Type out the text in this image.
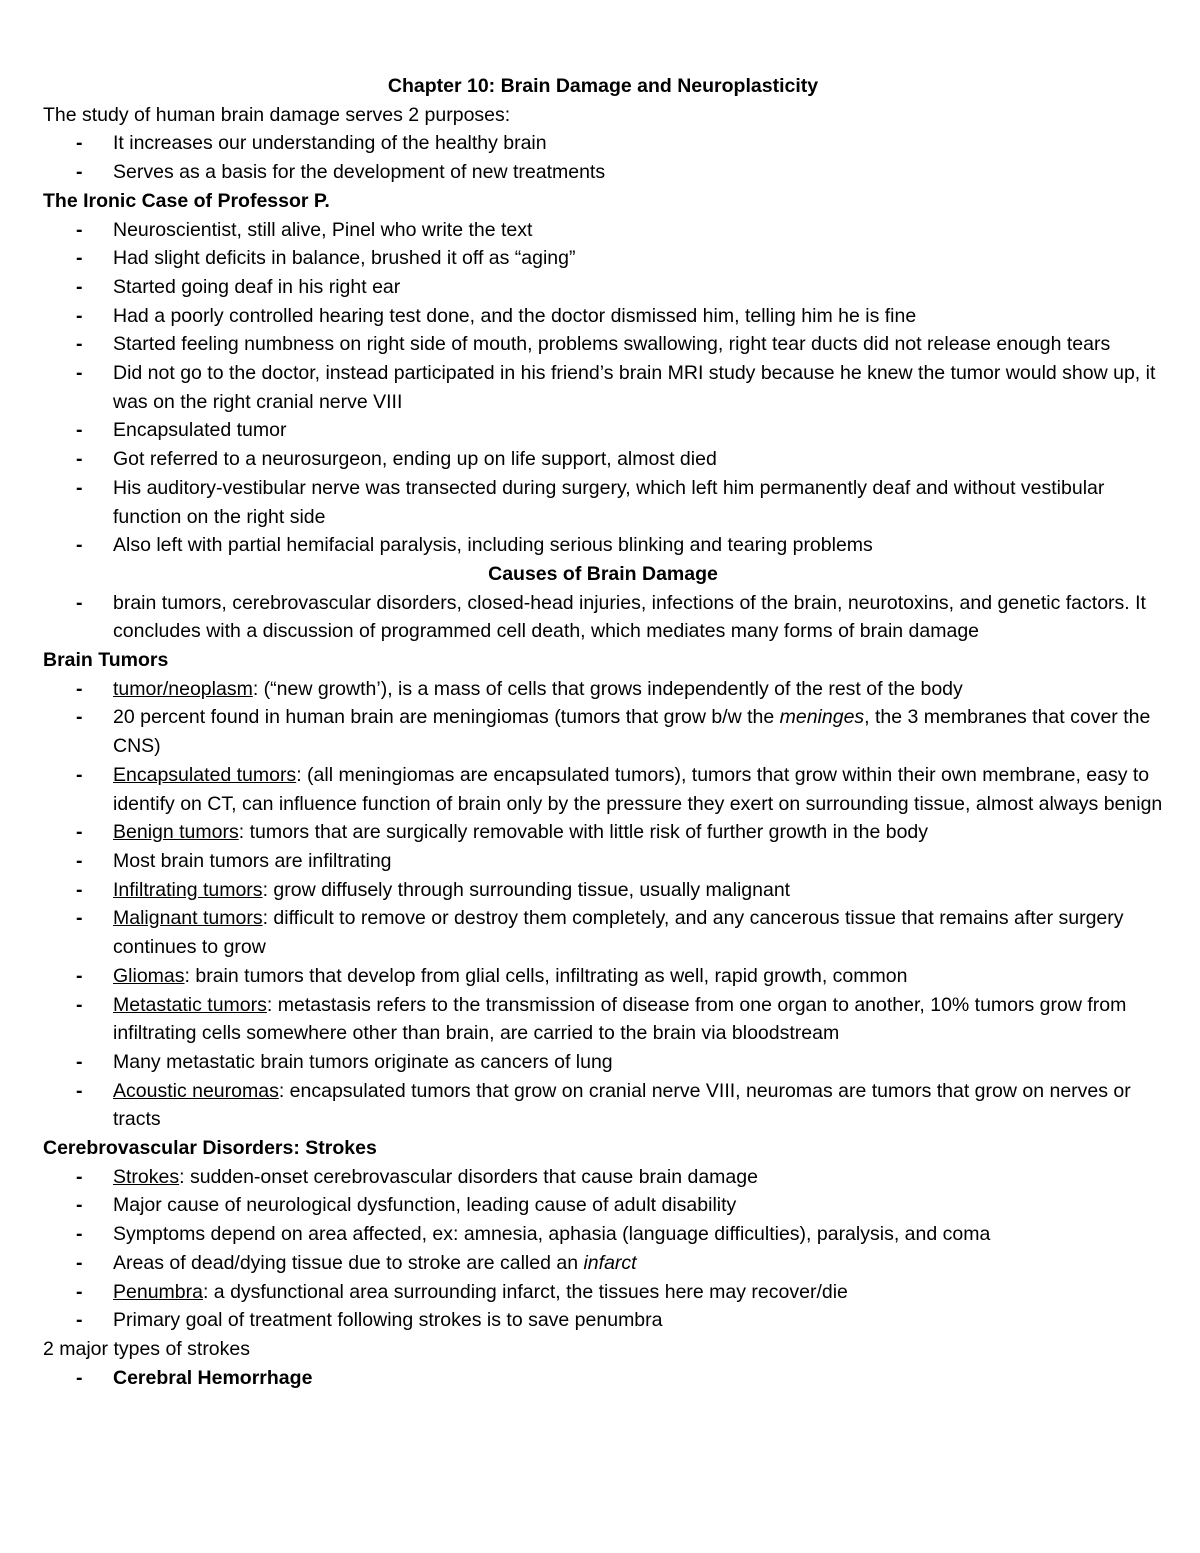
Chapter 10: Brain Damage and Neuroplasticity
The study of human brain damage serves 2 purposes:
- It increases our understanding of the healthy brain
- Serves as a basis for the development of new treatments
The Ironic Case of Professor P.
- Neuroscientist, still alive, Pinel who write the text
- Had slight deficits in balance, brushed it off as “aging”
- Started going deaf in his right ear
- Had a poorly controlled hearing test done, and the doctor dismissed him, telling him he is fine
- Started feeling numbness on right side of mouth, problems swallowing, right tear ducts did not release enough tears
- Did not go to the doctor, instead participated in his friend’s brain MRI study because he knew the tumor would show up, it was on the right cranial nerve VIII
- Encapsulated tumor
- Got referred to a neurosurgeon, ending up on life support, almost died
- His auditory-vestibular nerve was transected during surgery, which left him permanently deaf and without vestibular function on the right side
- Also left with partial hemifacial paralysis, including serious blinking and tearing problems
Causes of Brain Damage
- brain tumors, cerebrovascular disorders, closed-head injuries, infections of the brain, neurotoxins, and genetic factors. It concludes with a discussion of programmed cell death, which mediates many forms of brain damage
Brain Tumors
- tumor/neoplasm: (“new growth’), is a mass of cells that grows independently of the rest of the body
- 20 percent found in human brain are meningiomas (tumors that grow b/w the meninges, the 3 membranes that cover the CNS)
- Encapsulated tumors: (all meningiomas are encapsulated tumors), tumors that grow within their own membrane, easy to identify on CT, can influence function of brain only by the pressure they exert on surrounding tissue, almost always benign
- Benign tumors: tumors that are surgically removable with little risk of further growth in the body
- Most brain tumors are infiltrating
- Infiltrating tumors: grow diffusely through surrounding tissue, usually malignant
- Malignant tumors: difficult to remove or destroy them completely, and any cancerous tissue that remains after surgery continues to grow
- Gliomas: brain tumors that develop from glial cells, infiltrating as well, rapid growth, common
- Metastatic tumors: metastasis refers to the transmission of disease from one organ to another, 10% tumors grow from infiltrating cells somewhere other than brain, are carried to the brain via bloodstream
- Many metastatic brain tumors originate as cancers of lung
- Acoustic neuromas: encapsulated tumors that grow on cranial nerve VIII, neuromas are tumors that grow on nerves or tracts
Cerebrovascular Disorders: Strokes
- Strokes: sudden-onset cerebrovascular disorders that cause brain damage
- Major cause of neurological dysfunction, leading cause of adult disability
- Symptoms depend on area affected, ex: amnesia, aphasia (language difficulties), paralysis, and coma
- Areas of dead/dying tissue due to stroke are called an infarct
- Penumbra: a dysfunctional area surrounding infarct, the tissues here may recover/die
- Primary goal of treatment following strokes is to save penumbra
2 major types of strokes
- Cerebral Hemorrhage
